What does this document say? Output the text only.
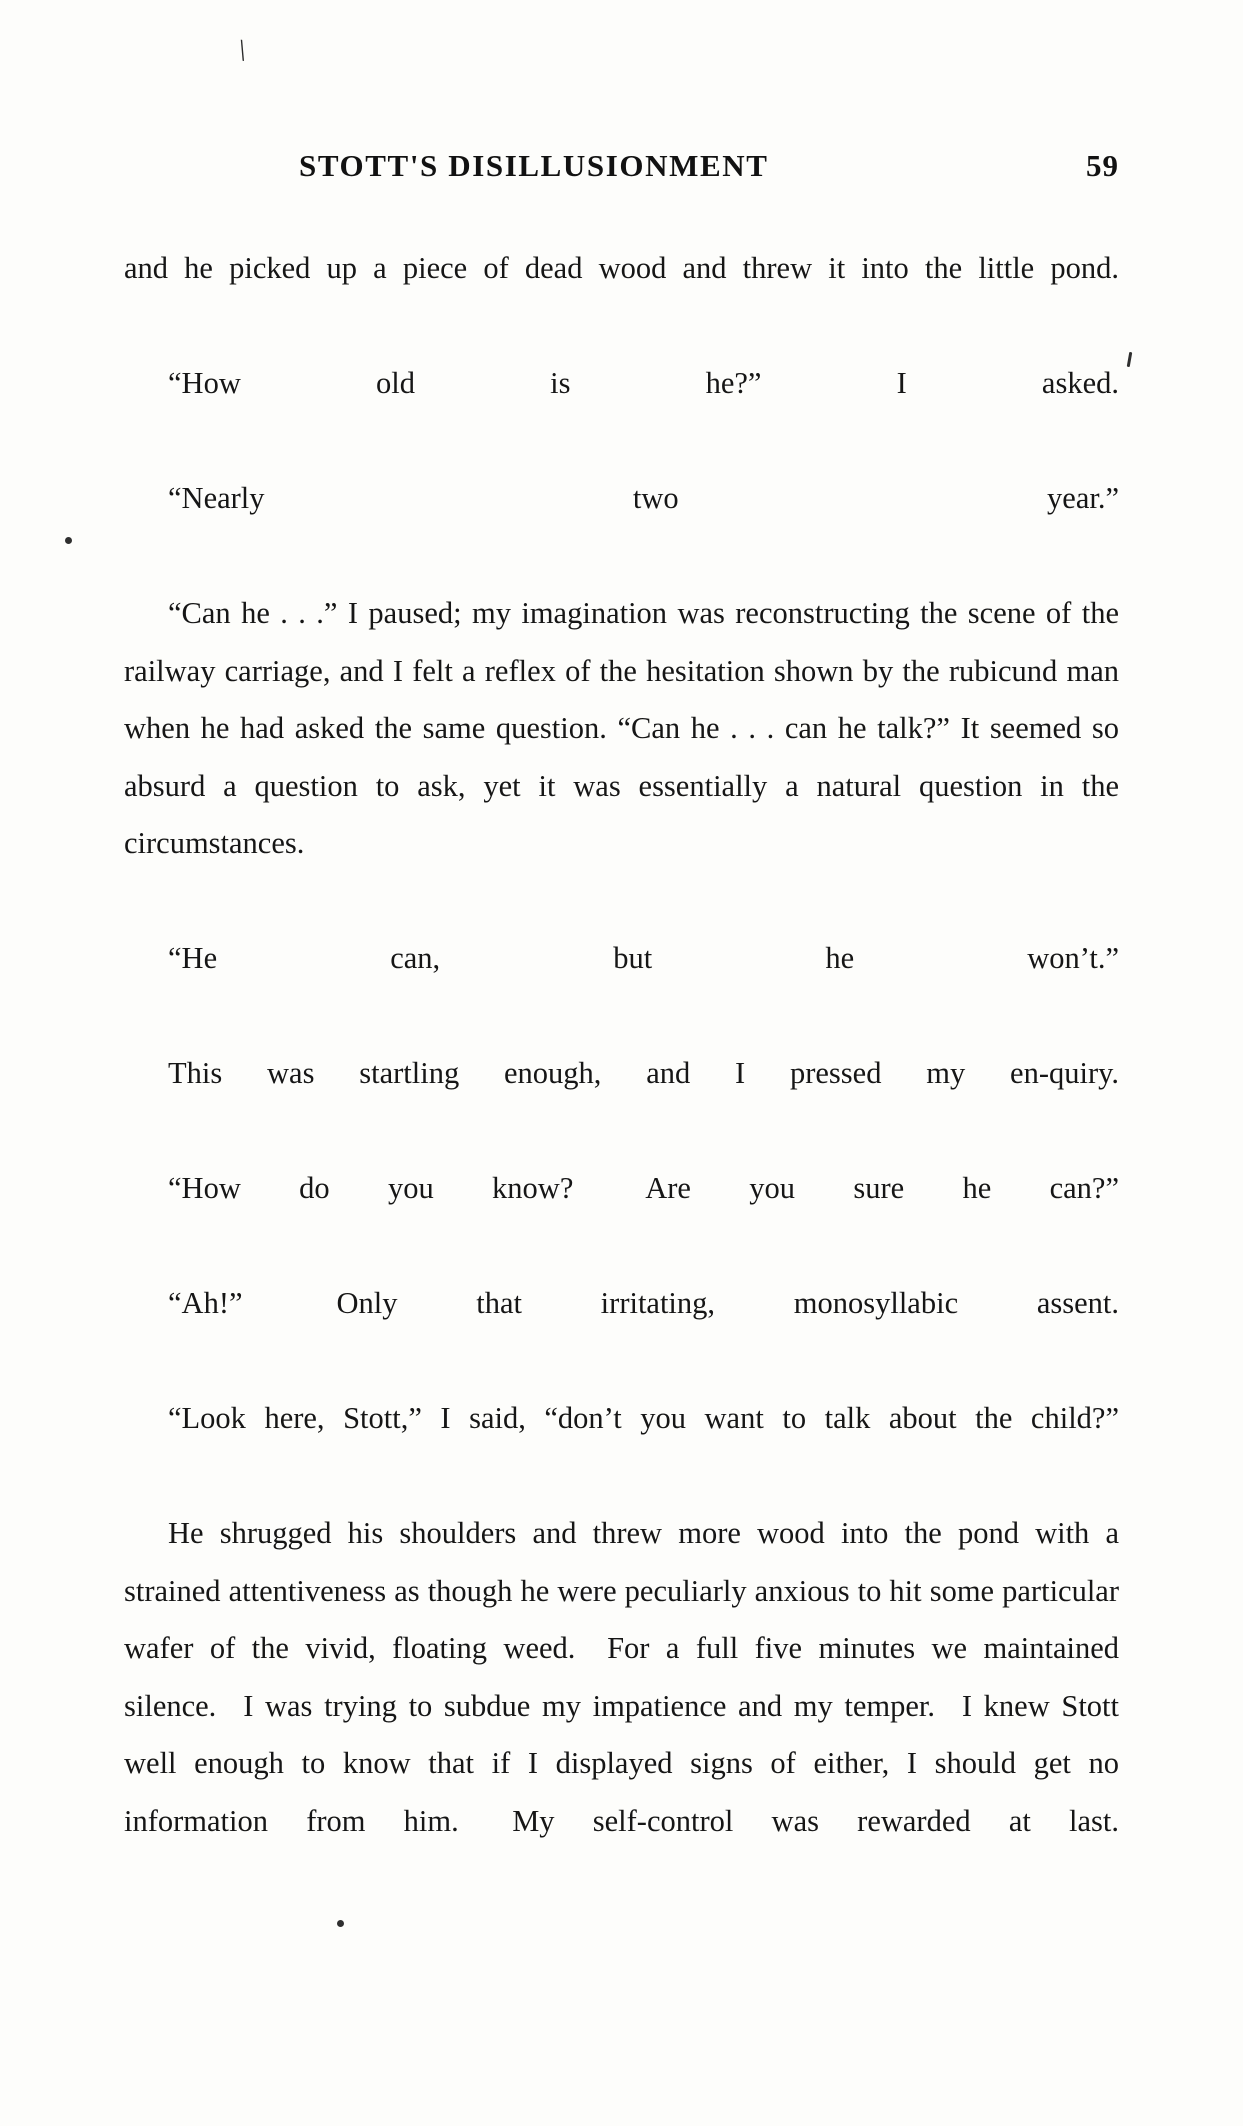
\
STOTT'S DISILLUSIONMENT	59

and he picked up a piece of dead wood and threw it into the little pond.

“How old is he?” I asked.

“Nearly two year.”

“Can he . . .” I paused; my imagination was reconstructing the scene of the railway carriage, and I felt a reflex of the hesitation shown by the rubicund man when he had asked the same question. “Can he . . . can he talk?” It seemed so absurd a question to ask, yet it was essentially a natural question in the circumstances.

“He can, but he won’t.”

This was startling enough, and I pressed my en-quiry.

“How do you know?  Are you sure he can?”

“Ah!”  Only that irritating, monosyllabic assent.

“Look here, Stott,” I said, “don’t you want to talk about the child?”

He shrugged his shoulders and threw more wood into the pond with a strained attentiveness as though he were peculiarly anxious to hit some particular wafer of the vivid, floating weed.  For a full five minutes we maintained silence.  I was trying to subdue my impatience and my temper.  I knew Stott well enough to know that if I displayed signs of either, I should get no information from him.  My self-control was rewarded at last.
